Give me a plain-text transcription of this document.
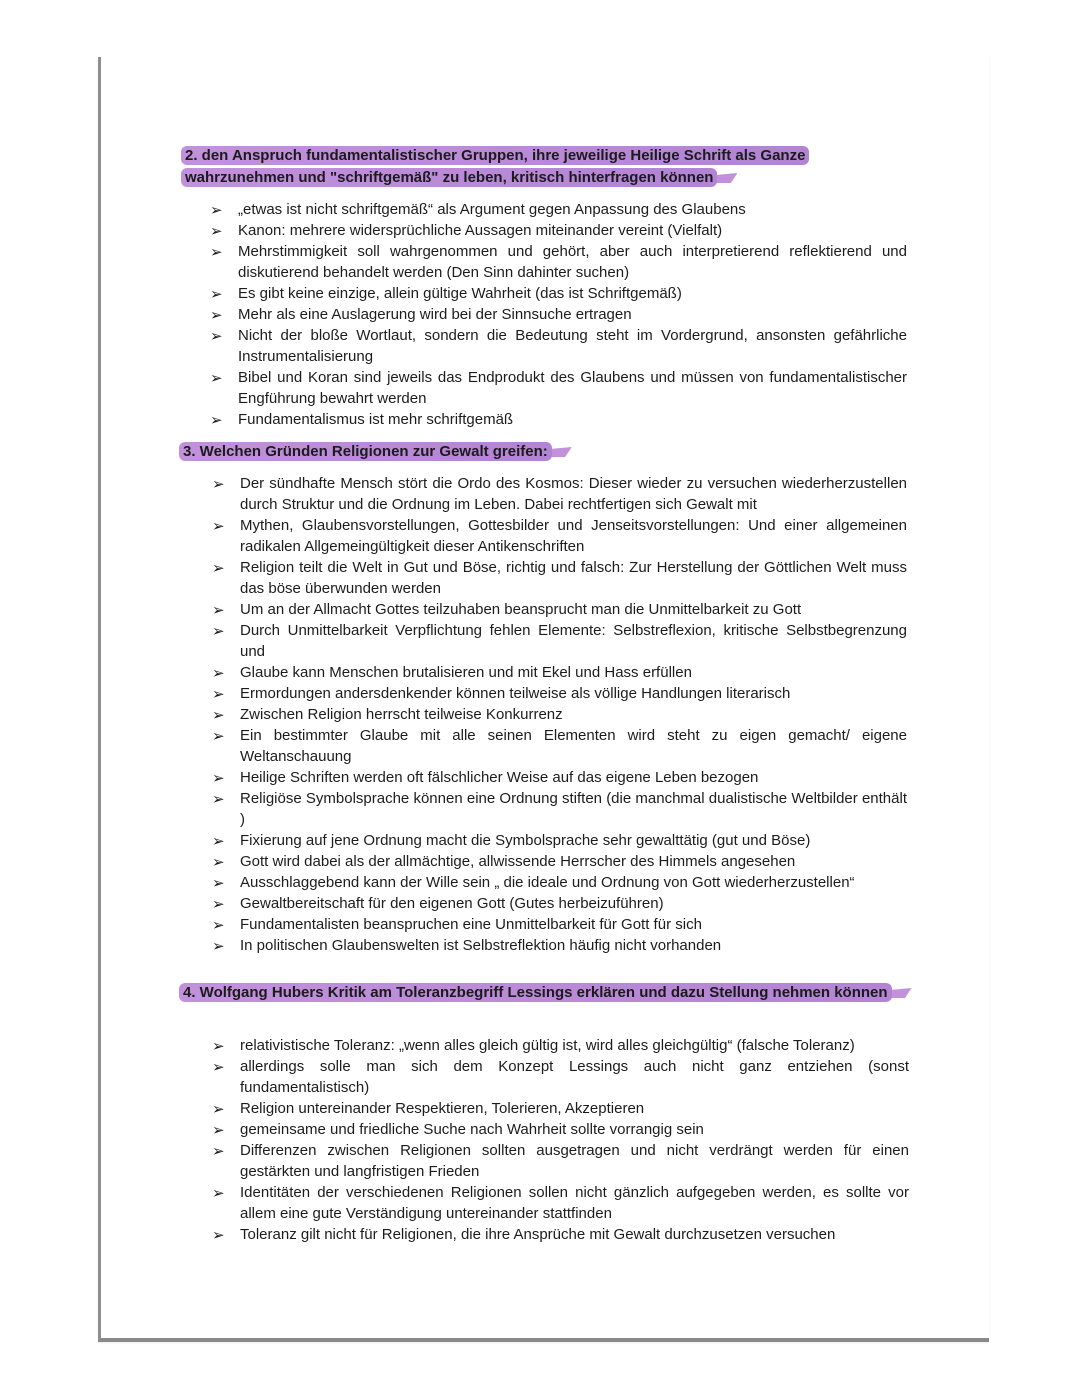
2. den Anspruch fundamentalistischer Gruppen, ihre jeweilige Heilige Schrift als Ganze wahrzunehmen und "schriftgemäß" zu leben, kritisch hinterfragen können
➢ „etwas ist nicht schriftgemäß“ als Argument gegen Anpassung des Glaubens
➢ Kanon: mehrere widersprüchliche Aussagen miteinander vereint (Vielfalt)
➢ Mehrstimmigkeit soll wahrgenommen und gehört, aber auch interpretierend reflektierend und diskutierend behandelt werden (Den Sinn dahinter suchen)
➢ Es gibt keine einzige, allein gültige Wahrheit (das ist Schriftgemäß)
➢ Mehr als eine Auslagerung wird bei der Sinnsuche ertragen
➢ Nicht der bloße Wortlaut, sondern die Bedeutung steht im Vordergrund, ansonsten gefährliche Instrumentalisierung
➢ Bibel und Koran sind jeweils das Endprodukt des Glaubens und müssen von fundamentalistischer Engführung bewahrt werden
➢ Fundamentalismus ist mehr schriftgemäß
3. Welchen Gründen Religionen zur Gewalt greifen:
➢ Der sündhafte Mensch stört die Ordo des Kosmos: Dieser wieder zu versuchen wiederherzustellen durch Struktur und die Ordnung im Leben. Dabei rechtfertigen sich Gewalt mit
➢ Mythen, Glaubensvorstellungen, Gottesbilder und Jenseitsvorstellungen: Und einer allgemeinen radikalen Allgemeingültigkeit dieser Antikenschriften
➢ Religion teilt die Welt in Gut und Böse, richtig und falsch: Zur Herstellung der Göttlichen Welt muss das böse überwunden werden
➢ Um an der Allmacht Gottes teilzuhaben beansprucht man die Unmittelbarkeit zu Gott
➢ Durch Unmittelbarkeit Verpflichtung fehlen Elemente: Selbstreflexion, kritische Selbstbegrenzung und
➢ Glaube kann Menschen brutalisieren und mit Ekel und Hass erfüllen
➢ Ermordungen andersdenkender können teilweise als völlige Handlungen literarisch
➢ Zwischen Religion herrscht teilweise Konkurrenz
➢ Ein bestimmter Glaube mit alle seinen Elementen wird steht zu eigen gemacht/ eigene Weltanschauung
➢ Heilige Schriften werden oft fälschlicher Weise auf das eigene Leben bezogen
➢ Religiöse Symbolsprache können eine Ordnung stiften (die manchmal dualistische Weltbilder enthält )
➢ Fixierung auf jene Ordnung macht die Symbolsprache sehr gewalttätig (gut und Böse)
➢ Gott wird dabei als der allmächtige, allwissende Herrscher des Himmels angesehen
➢ Ausschlaggebend kann der Wille sein „ die ideale und Ordnung von Gott wiederherzustellen“
➢ Gewaltbereitschaft für den eigenen Gott (Gutes herbeizuführen)
➢ Fundamentalisten beanspruchen eine Unmittelbarkeit für Gott für sich
➢ In politischen Glaubenswelten ist Selbstreflektion häufig nicht vorhanden
4. Wolfgang Hubers Kritik am Toleranzbegriff Lessings erklären und dazu Stellung nehmen können
➢ relativistische Toleranz: „wenn alles gleich gültig ist, wird alles gleichgültig“ (falsche Toleranz)
➢ allerdings solle man sich dem Konzept Lessings auch nicht ganz entziehen (sonst fundamentalistisch)
➢ Religion untereinander Respektieren, Tolerieren, Akzeptieren
➢ gemeinsame und friedliche Suche nach Wahrheit sollte vorrangig sein
➢ Differenzen zwischen Religionen sollten ausgetragen und nicht verdrängt werden für einen gestärkten und langfristigen Frieden
➢ Identitäten der verschiedenen Religionen sollen nicht gänzlich aufgegeben werden, es sollte vor allem eine gute Verständigung untereinander stattfinden
➢ Toleranz gilt nicht für Religionen, die ihre Ansprüche mit Gewalt durchzusetzen versuchen
